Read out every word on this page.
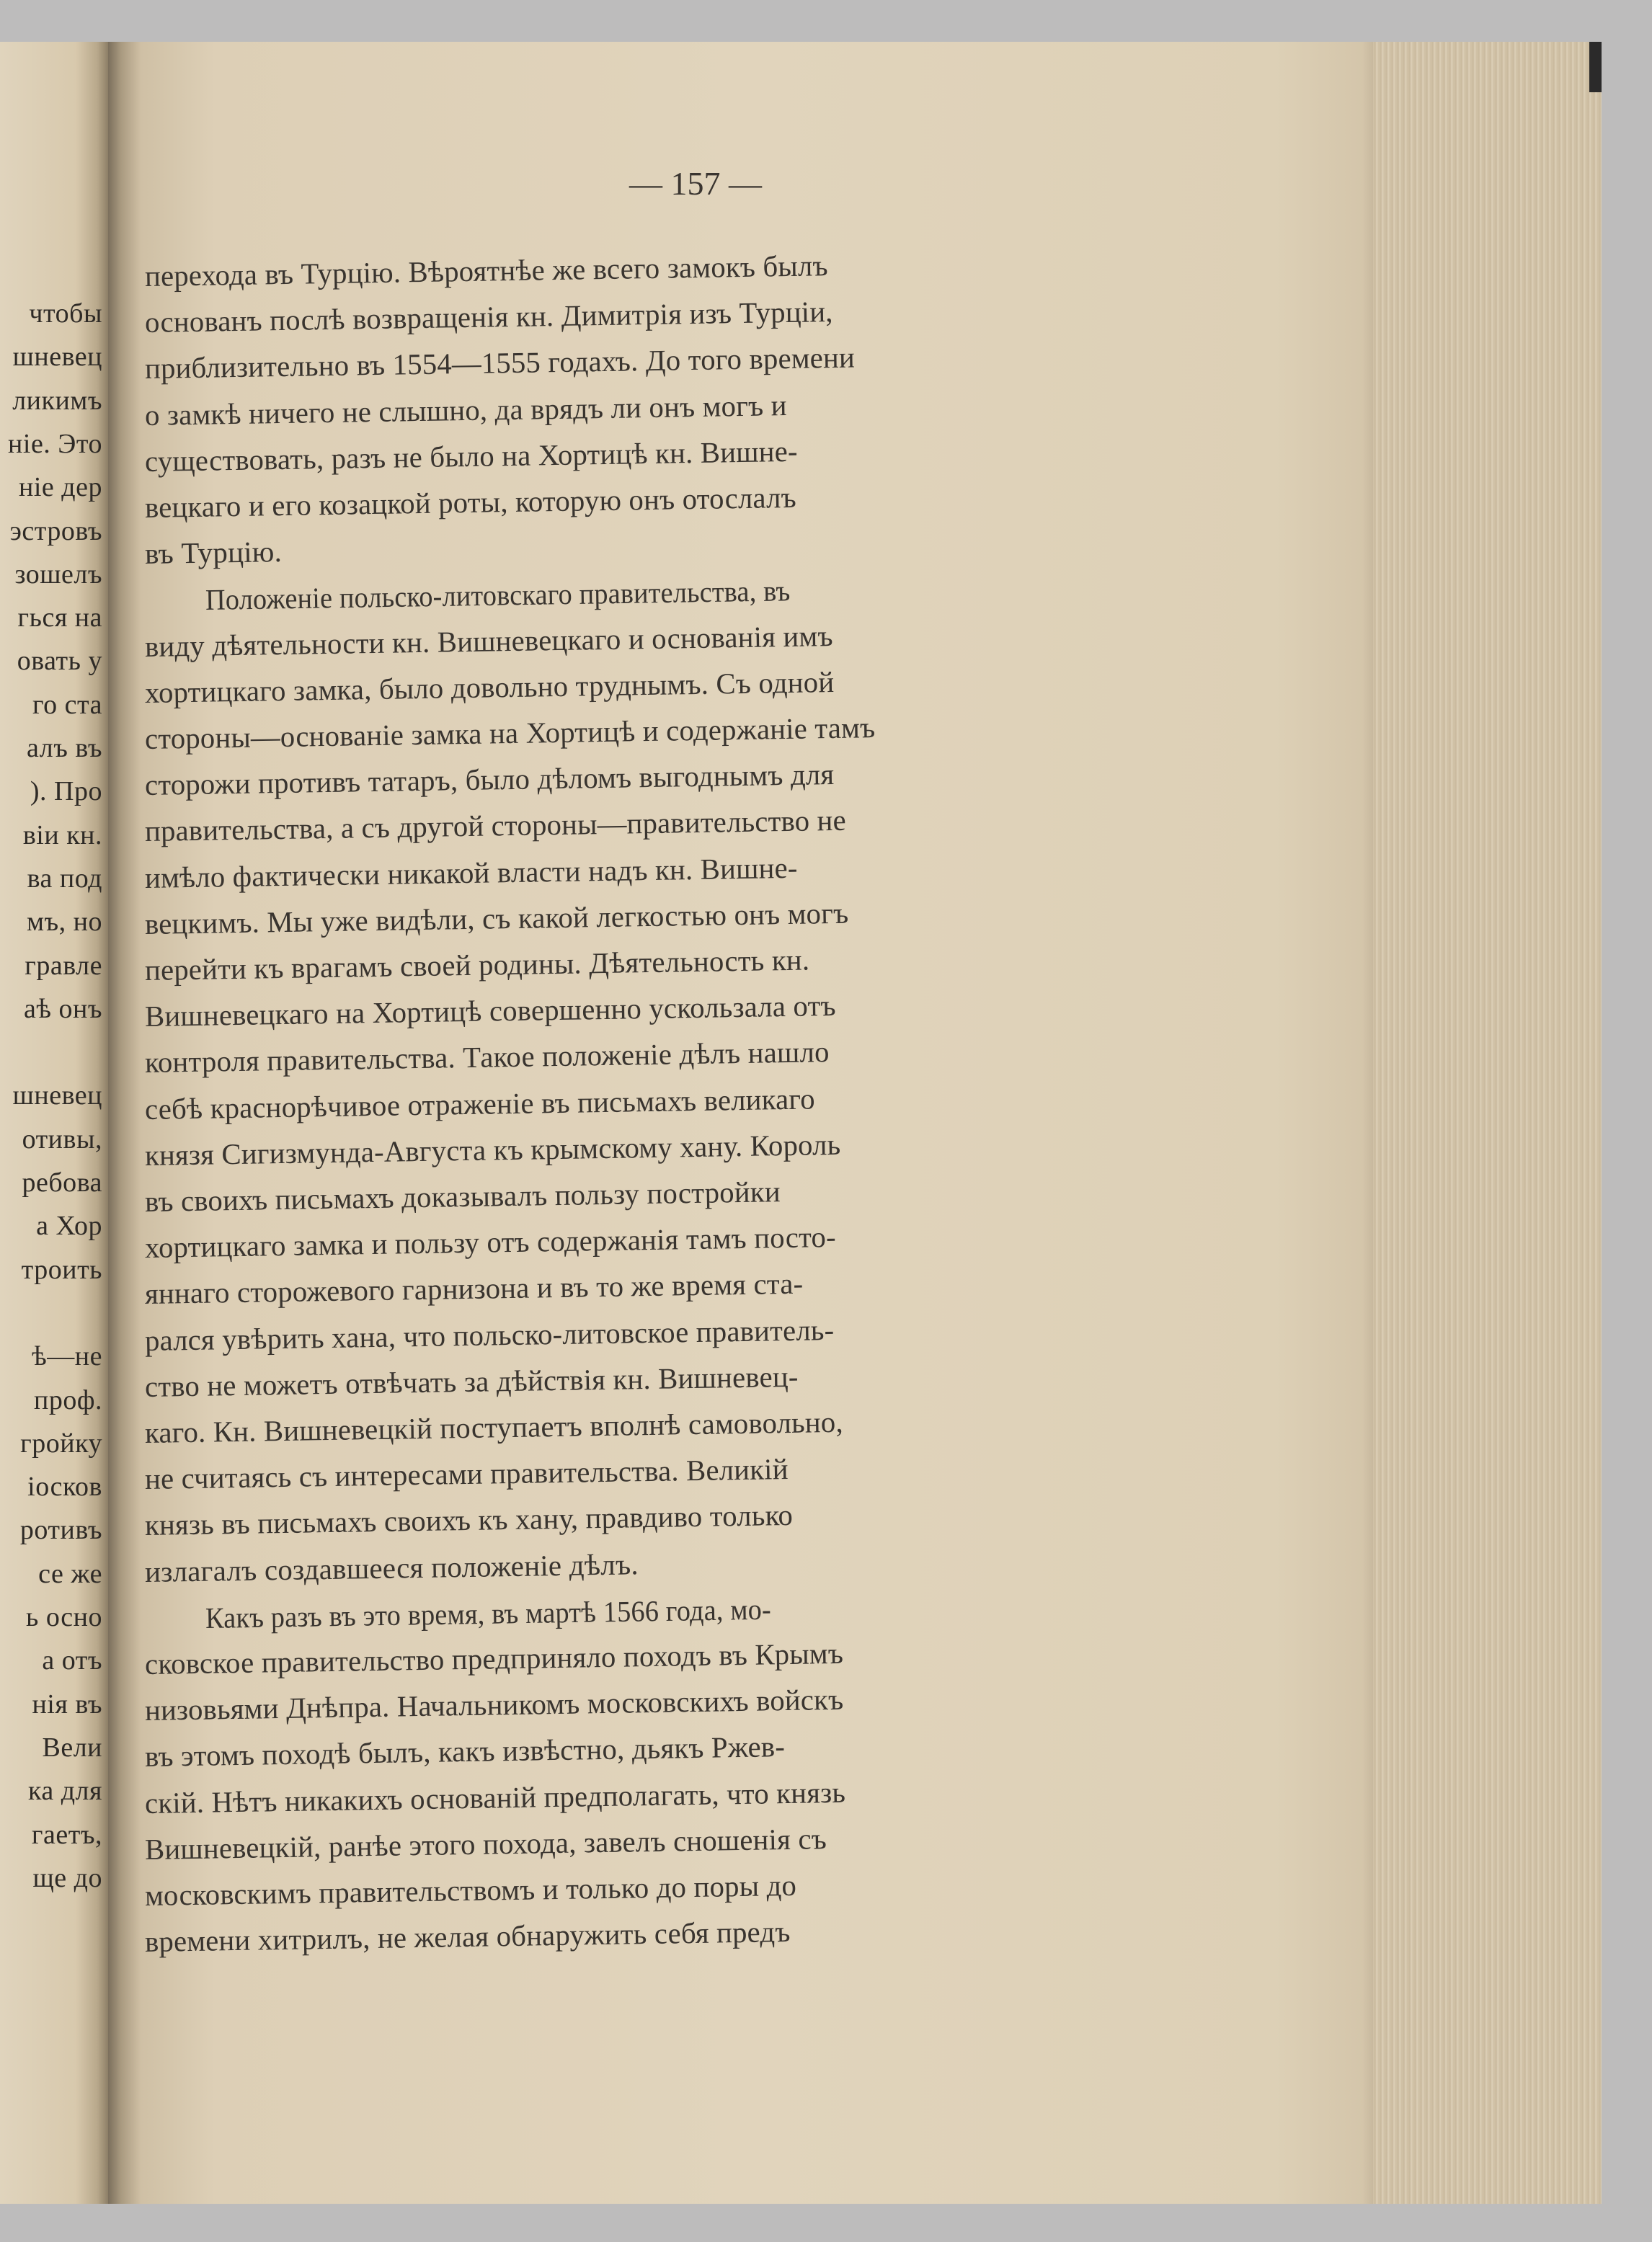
чтобы
шневец
ликимъ
ніе. Это
ніе дер
эстровъ
зошелъ
гься на
овать у
го ста
алъ въ
). Про
віи кн.
ва под
мъ, но
гравле
аѣ онъ
шневец
отивы,
ребова
а Хор
троить
ѣ—не
проф.
гройку
іосков
ротивъ
се же
ь осно
а отъ
нія въ
Вели
ка для
гаетъ,
ще до
— 157 —
перехода въ Турцію. Вѣроятнѣе же всего замокъ былъ
основанъ послѣ возвращенія кн. Димитрія изъ Турціи,
приблизительно въ 1554—1555 годахъ. До того времени
о замкѣ ничего не слышно, да врядъ ли онъ могъ и
существовать, разъ не было на Хортицѣ кн. Вишне-
вецкаго и его козацкой роты, которую онъ отослалъ
въ Турцію.
Положеніе польско-литовскаго правительства, въ
виду дѣятельности кн. Вишневецкаго и основанія имъ
хортицкаго замка, было довольно труднымъ. Съ одной
стороны—основаніе замка на Хортицѣ и содержаніе тамъ
сторожи противъ татаръ, было дѣломъ выгоднымъ для
правительства, а съ другой стороны—правительство не
имѣло фактически никакой власти надъ кн. Вишне-
вецкимъ. Мы уже видѣли, съ какой легкостью онъ могъ
перейти къ врагамъ своей родины. Дѣятельность кн.
Вишневецкаго на Хортицѣ совершенно ускользала отъ
контроля правительства. Такое положеніе дѣлъ нашло
себѣ краснорѣчивое отраженіе въ письмахъ великаго
князя Сигизмунда-Августа къ крымскому хану. Король
въ своихъ письмахъ доказывалъ пользу постройки
хортицкаго замка и пользу отъ содержанія тамъ посто-
яннаго сторожевого гарнизона и въ то же время ста-
рался увѣрить хана, что польско-литовское правитель-
ство не можетъ отвѣчать за дѣйствія кн. Вишневец-
каго. Кн. Вишневецкій поступаетъ вполнѣ самовольно,
не считаясь съ интересами правительства. Великій
князь въ письмахъ своихъ къ хану, правдиво только
излагалъ создавшееся положеніе дѣлъ.
Какъ разъ въ это время, въ мартѣ 1566 года, мо-
сковское правительство предприняло походъ въ Крымъ
низовьями Днѣпра. Начальникомъ московскихъ войскъ
въ этомъ походѣ былъ, какъ извѣстно, дьякъ Ржев-
скій. Нѣтъ никакихъ основаній предполагать, что князь
Вишневецкій, ранѣе этого похода, завелъ сношенія съ
московскимъ правительствомъ и только до поры до
времени хитрилъ, не желая обнаружить себя предъ
